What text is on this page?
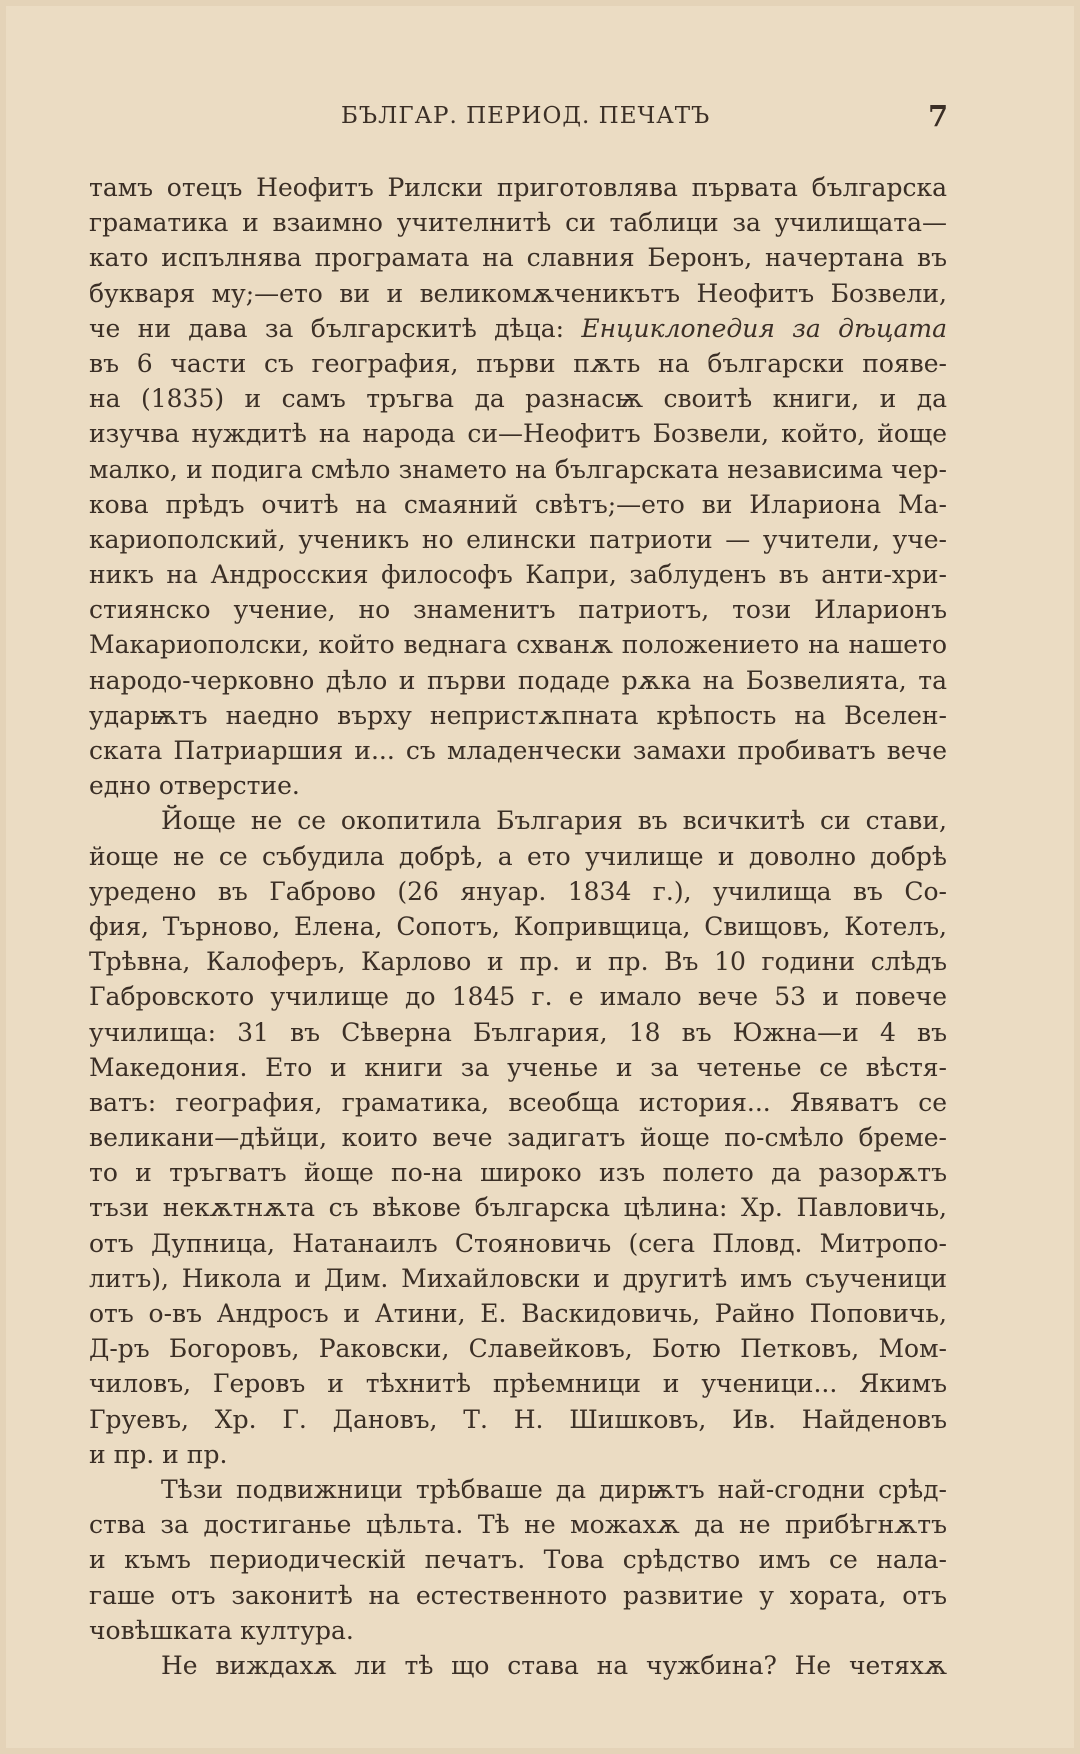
БЪЛГАР. ПЕРИОД. ПЕЧАТЪ	7
тамъ отецъ Неофитъ Рилски приготовлява първата българска
граматика и взаимно учителнитѣ си таблици за училищата—
като испълнява програмата на славния Беронъ, начертана въ
букваря му;—ето ви и великомѫченикътъ Неофитъ Бозвели,
че ни дава за българскитѣ дѣца: Енциклопедия за дѣцата
въ 6 части съ география, първи пѫть на български появе-
на (1835) и самъ тръгва да разнасѭ своитѣ книги, и да
изучва нуждитѣ на народа си—Неофитъ Бозвели, който, йоще
малко, и подига смѣло знамето на българската независима чер-
кова прѣдъ очитѣ на смаяний свѣтъ;—ето ви Илариона Ма-
кариополский, ученикъ но елински патриоти — учители, уче-
никъ на Андросския философъ Капри, заблуденъ въ анти-хри-
стиянско учение, но знаменитъ патриотъ, този Иларионъ
Макариополски, който веднага схванѫ положението на нашето
народо-черковно дѣло и първи подаде рѫка на Бозвелията, та
ударѭтъ наедно върху непристѫпната крѣпость на Вселен-
ската Патриаршия и... съ младенчески замахи пробиватъ вече
едно отверстие.
Йоще не се окопитила България въ всичкитѣ си стави,
йоще не се събудила добрѣ, а ето училище и доволно добрѣ
уредено въ Габрово (26 януар. 1834 г.), училища въ Со-
фия, Търново, Елена, Сопотъ, Копривщица, Свищовъ, Котелъ,
Трѣвна, Калоферъ, Карлово и пр. и пр. Въ 10 години слѣдъ
Габровското училище до 1845 г. е имало вече 53 и повече
училища: 31 въ Сѣверна България, 18 въ Южна—и 4 въ
Македония. Ето и книги за ученье и за четенье се вѣстя-
ватъ: география, граматика, всеобща история... Явяватъ се
великани—дѣйци, които вече задигатъ йоще по-смѣло бреме-
то и тръгватъ йоще по-на широко изъ полето да разорѫтъ
тъзи некѫтнѫта съ вѣкове българска цѣлина: Хр. Павловичь,
отъ Дупница, Натанаилъ Стояновичь (сега Пловд. Митропо-
литъ), Никола и Дим. Михайловски и другитѣ имъ съученици
отъ о-въ Андросъ и Атини, Е. Васкидовичь, Райно Поповичь,
Д-ръ Богоровъ, Раковски, Славейковъ, Ботю Петковъ, Мом-
чиловъ, Геровъ и тѣхнитѣ прѣемници и ученици... Якимъ
Груевъ, Хр. Г. Дановъ, Т. Н. Шишковъ, Ив. Найденовъ
и пр. и пр.
Тѣзи подвижници трѣбваше да дирѭтъ най-сгодни срѣд-
ства за достиганье цѣльта. Тѣ не можахѫ да не прибѣгнѫтъ
и къмъ периодическій печатъ. Това срѣдство имъ се нала-
гаше отъ законитѣ на естественното развитие у хората, отъ
човѣшката култура.
Не виждахѫ ли тѣ що става на чужбина? Не четяхѫ
